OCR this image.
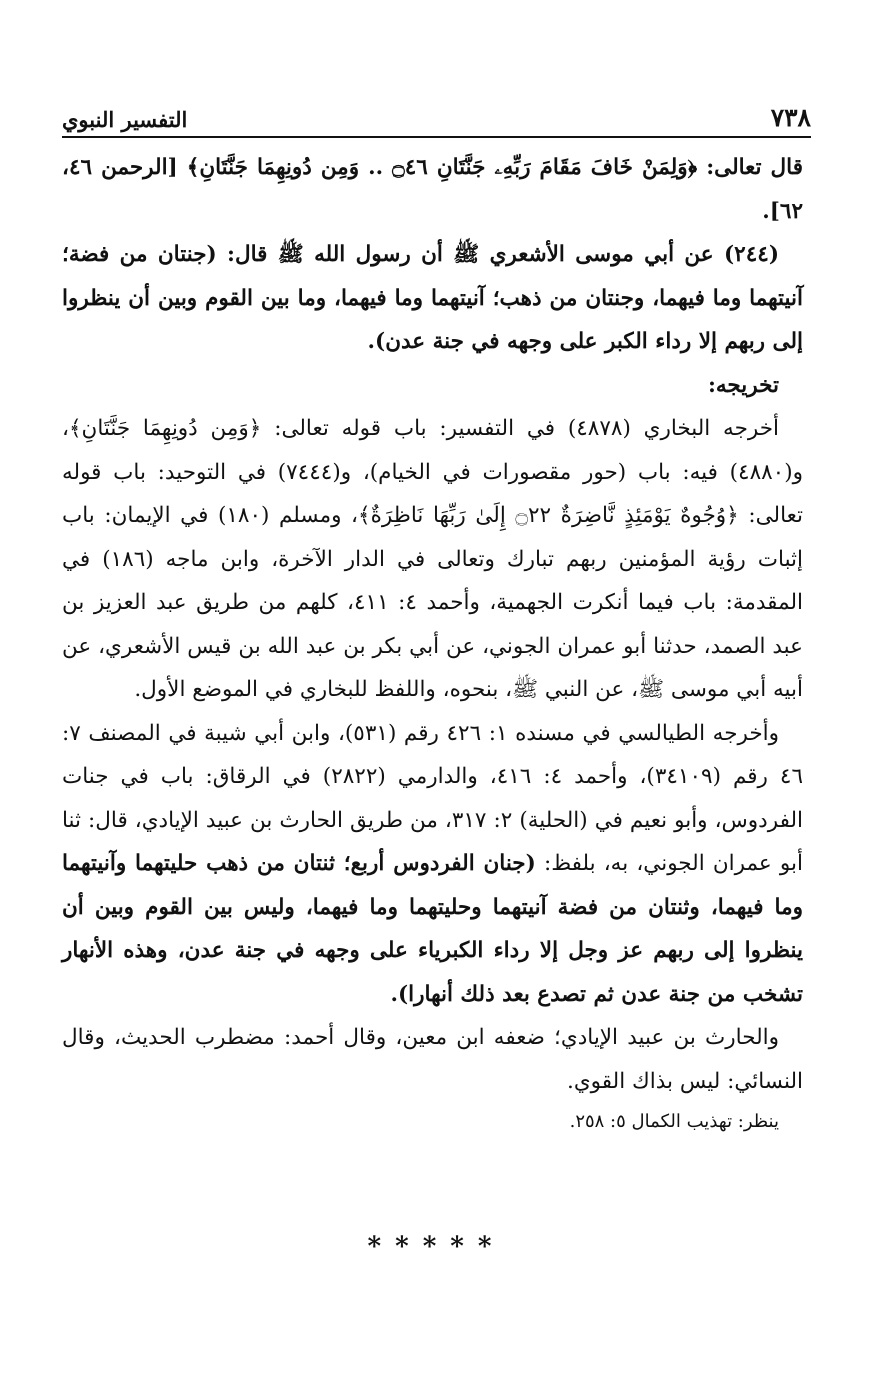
٧٣٨
التفسير النبوي

قال تعالى: ﴿وَلِمَنْ خَافَ مَقَامَ رَبِّهِۦ جَنَّتَانِ ۝٤٦ .. وَمِن دُونِهِمَا جَنَّتَانِ﴾ [الرحمن ٤٦، ٦٢].

(٢٤٤) عن أبي موسى الأشعري ﷺ أن رسول الله ﷺ قال: (جنتان من فضة؛ آنيتهما وما فيهما، وجنتان من ذهب؛ آنيتهما وما فيهما، وما بين القوم وبين أن ينظروا إلى ربهم إلا رداء الكبر على وجهه في جنة عدن).

تخريجه:

أخرجه البخاري (٤٨٧٨) في التفسير: باب قوله تعالى: ﴿وَمِن دُونِهِمَا جَنَّتَانِ﴾، و(٤٨٨٠) فيه: باب (حور مقصورات في الخيام)، و(٧٤٤٤) في التوحيد: باب قوله تعالى: ﴿وُجُوهٌ يَوْمَئِذٍ نَّاضِرَةٌ ۝٢٢ إِلَىٰ رَبِّهَا نَاظِرَةٌ﴾، ومسلم (١٨٠) في الإيمان: باب إثبات رؤية المؤمنين ربهم تبارك وتعالى في الدار الآخرة، وابن ماجه (١٨٦) في المقدمة: باب فيما أنكرت الجهمية، وأحمد ٤: ٤١١، كلهم من طريق عبد العزيز بن عبد الصمد، حدثنا أبو عمران الجوني، عن أبي بكر بن عبد الله بن قيس الأشعري، عن أبيه أبي موسى ﷺ، عن النبي ﷺ، بنحوه، واللفظ للبخاري في الموضع الأول.

وأخرجه الطيالسي في مسنده ١: ٤٢٦ رقم (٥٣١)، وابن أبي شيبة في المصنف ٧: ٤٦ رقم (٣٤١٠٩)، وأحمد ٤: ٤١٦، والدارمي (٢٨٢٢) في الرقاق: باب في جنات الفردوس، وأبو نعيم في (الحلية) ٢: ٣١٧، من طريق الحارث بن عبيد الإيادي، قال: ثنا أبو عمران الجوني، به، بلفظ: (جنان الفردوس أربع؛ ثنتان من ذهب حليتهما وآنيتهما وما فيهما، وثنتان من فضة آنيتهما وحليتهما وما فيهما، وليس بين القوم وبين أن ينظروا إلى ربهم عز وجل إلا رداء الكبرياء على وجهه في جنة عدن، وهذه الأنهار تشخب من جنة عدن ثم تصدع بعد ذلك أنهارا).

والحارث بن عبيد الإيادي؛ ضعفه ابن معين، وقال أحمد: مضطرب الحديث، وقال النسائي: ليس بذاك القوي.

ينظر: تهذيب الكمال ٥: ٢٥٨.

*****
